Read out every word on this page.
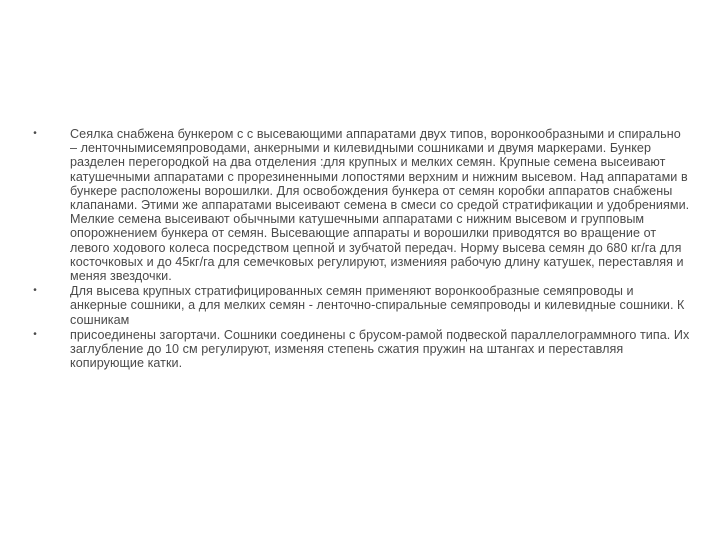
•	Сеялка снабжена бункером с с высевающими аппаратами двух типов, воронкообразными и спирально – ленточнымисемяпроводами, анкерными и килевидными сошниками и двумя маркерами. Бункер разделен перегородкой на два отделения :для крупных и мелких семян. Крупные семена высеивают катушечными аппаратами с прорезиненными лопостями верхним и нижним высевом. Над аппаратами в бункере расположены ворошилки. Для освобождения бункера от семян коробки аппаратов снабжены клапанами. Этими же аппаратами высеивают семена в смеси со средой стратификации и удобрениями. Мелкие семена высеивают обычными катушечными аппаратами с нижним высевом и групповым опорожнением бункера от семян. Высевающие аппараты и ворошилки приводятся во вращение от левого ходового колеса посредством цепной и зубчатой передач. Норму высева семян до 680 кг/га для косточковых и до 45кг/га для семечковых регулируют, изменияя рабочую длину катушек, переставляя и меняя звездочки.
•	Для высева крупных стратифицированных семян применяют воронкообразные семяпроводы и анкерные сошники, а для мелких семян - ленточно-спиральные семяпроводы и килевидные сошники. К сошникам
•	присоединены загортачи. Сошники соединены с брусом-рамой подвеской параллелограммного типа. Их заглубление до 10 см регулируют, изменяя степень сжатия пружин на штангах и переставляя копирующие катки.
